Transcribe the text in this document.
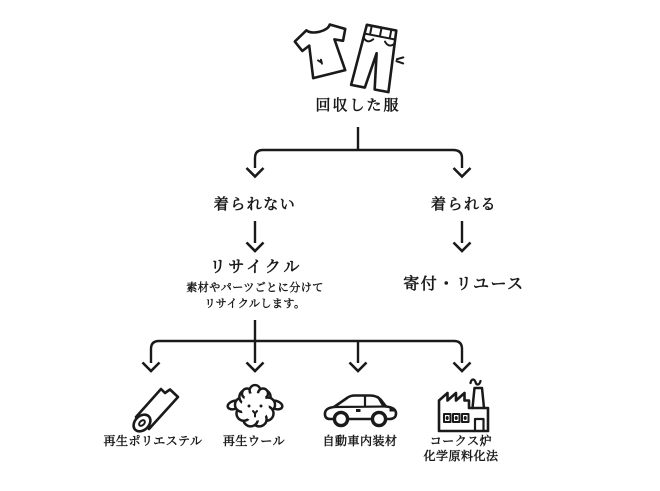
回収した服
着られない	着られる
リサイクル
素材やパーツごとに分けて
リサイクルします。
寄付・リユース
再生ポリエステル 再生ウール	自動車内装材	コークス炉
化学原料化法
